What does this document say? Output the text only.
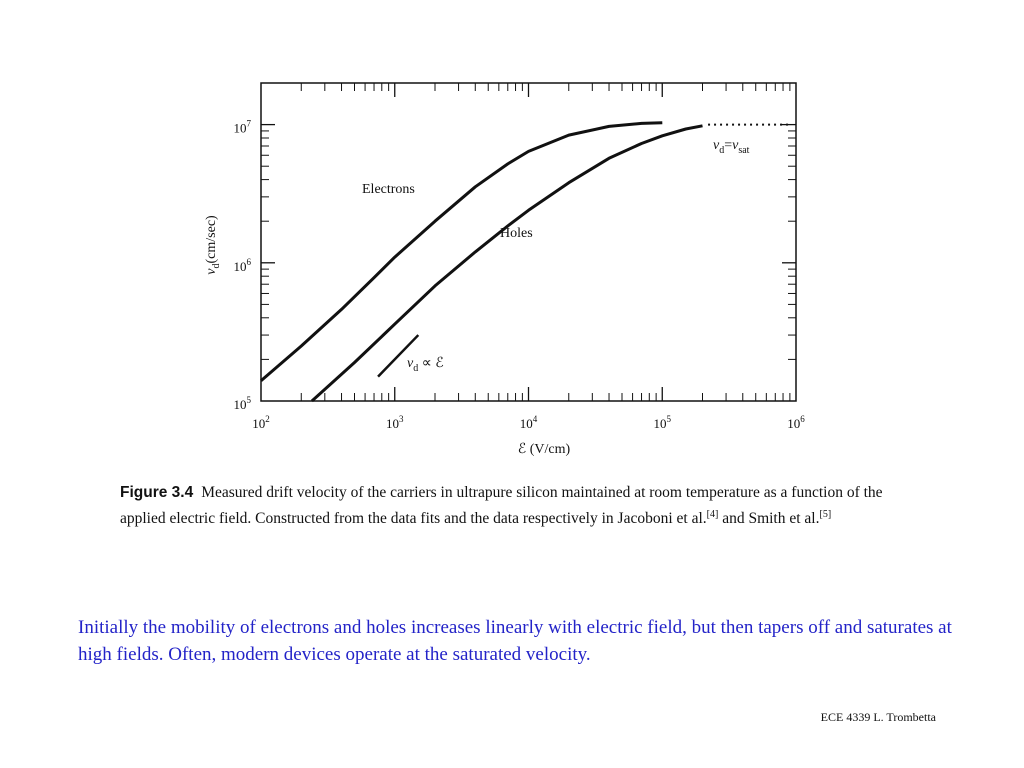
$10^2$	$10^3$	$10^4$	$10^5$	$10^6$
$10^5$
$10^6$
$10^7$
ℰ (V/cm)
$v_d(cm/\sec)$
Electrons
Holes
$v_d=v_{sat}$
$v_d$ ∝ ℰ
Figure 3.4 Measured drift velocity of the carriers in ultrapure silicon maintained at room temperature as a function of the applied electric field. Constructed from the data fits and the data respectively in Jacoboni et al.[4] and Smith et al.[5]
Initially the mobility of electrons and holes increases linearly with electric field, but then tapers off and saturates at high fields. Often, modern devices operate at the saturated velocity.
ECE 4339 L. Trombetta
